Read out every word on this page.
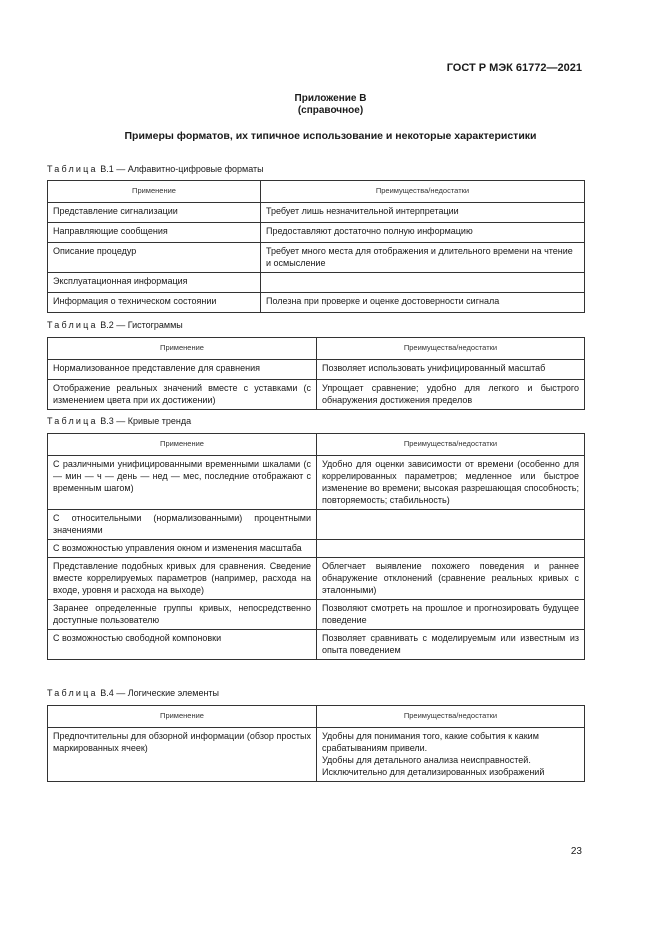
ГОСТ Р МЭК 61772—2021
Приложение В
(справочное)
Примеры форматов, их типичное использование и некоторые характеристики
Таблица В.1 — Алфавитно-цифровые форматы
Применение	Преимущества/недостатки
Представление сигнализации	Требует лишь незначительной интерпретации
Направляющие сообщения	Предоставляют достаточно полную информацию
Описание процедур	Требует много места для отображения и длительного времени на чтение и осмысление
Эксплуатационная информация	
Информация о техническом состоянии	Полезна при проверке и оценке достоверности сигнала
Таблица В.2 — Гистограммы
Применение	Преимущества/недостатки
Нормализованное представление для сравнения	Позволяет использовать унифицированный масштаб
Отображение реальных значений вместе с уставками (с изменением цвета при их достижении)	Упрощает сравнение; удобно для легкого и быстрого обнаружения достижения пределов
Таблица В.3 — Кривые тренда
Применение	Преимущества/недостатки
С различными унифицированными временными шкалами (с — мин — ч — день — нед — мес, последние отображают с временным шагом)	Удобно для оценки зависимости от времени (особенно для коррелированных параметров; медленное или быстрое изменение во времени; высокая разрешающая способность; повторяемость; стабильность)
С относительными (нормализованными) процентными значениями	
С возможностью управления окном и изменения масштаба	
Представление подобных кривых для сравнения. Сведение вместе коррелируемых параметров (например, расхода на входе, уровня и расхода на выходе)	Облегчает выявление похожего поведения и раннее обнаружение отклонений (сравнение реальных кривых с эталонными)
Заранее определенные группы кривых, непосредственно доступные пользователю	Позволяют смотреть на прошлое и прогнозировать будущее поведение
С возможностью свободной компоновки	Позволяет сравнивать с моделируемым или известным из опыта поведением
Таблица В.4 — Логические элементы
Применение	Преимущества/недостатки
Предпочтительны для обзорной информации (обзор простых маркированных ячеек)	Удобны для понимания того, какие события к каким срабатываниям привели.
Удобны для детального анализа неисправностей.
Исключительно для детализированных изображений
23
